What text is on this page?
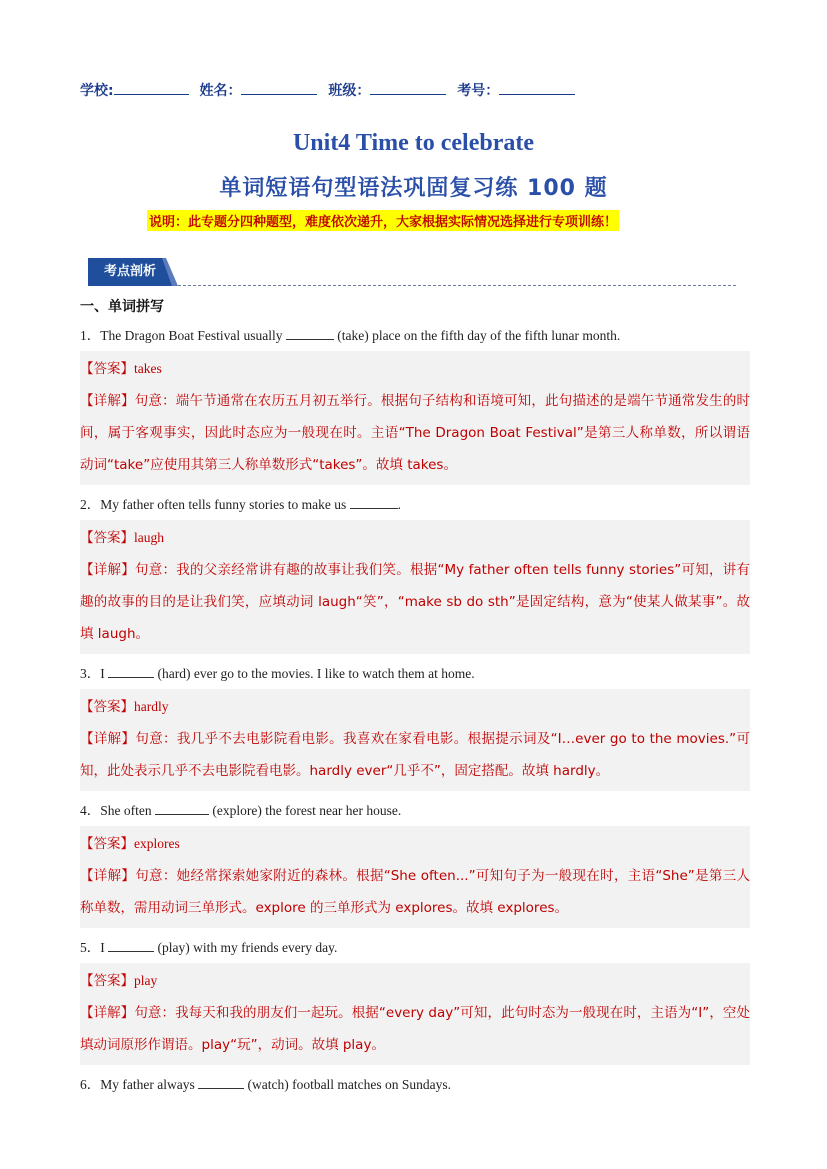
学校:	姓名：	班级：	考号：
Unit4 Time to celebrate
单词短语句型语法巩固复习练 100 题
说明：此专题分四种题型，难度依次递升，大家根据实际情况选择进行专项训练！
考点剖析
一、单词拼写
1．The Dragon Boat Festival usually	(take) place on the fifth day of the fifth lunar month.
【答案】takes
【详解】句意：端午节通常在农历五月初五举行。根据句子结构和语境可知，此句描述的是端午节通常发生的时间，属于客观事实，因此时态应为一般现在时。主语“The Dragon Boat Festival”是第三人称单数，所以谓语动词“take”应使用其第三人称单数形式“takes”。故填 takes。
2．My father often tells funny stories to make us	.
【答案】laugh
【详解】句意：我的父亲经常讲有趣的故事让我们笑。根据“My father often tells funny stories”可知，讲有趣的故事的目的是让我们笑，应填动词 laugh“笑”，“make sb do sth”是固定结构，意为“使某人做某事”。故填 laugh。
3．I	(hard) ever go to the movies. I like to watch them at home.
【答案】hardly
【详解】句意：我几乎不去电影院看电影。我喜欢在家看电影。根据提示词及“I…ever go to the movies.”可知，此处表示几乎不去电影院看电影。hardly ever“几乎不”，固定搭配。故填 hardly。
4．She often	(explore) the forest near her house.
【答案】explores
【详解】句意：她经常探索她家附近的森林。根据“She often...”可知句子为一般现在时，主语“She”是第三人称单数，需用动词三单形式。explore 的三单形式为 explores。故填 explores。
5．I	(play) with my friends every day.
【答案】play
【详解】句意：我每天和我的朋友们一起玩。根据“every day”可知，此句时态为一般现在时，主语为“I”，空处填动词原形作谓语。play“玩”，动词。故填 play。
6．My father always	(watch) football matches on Sundays.
